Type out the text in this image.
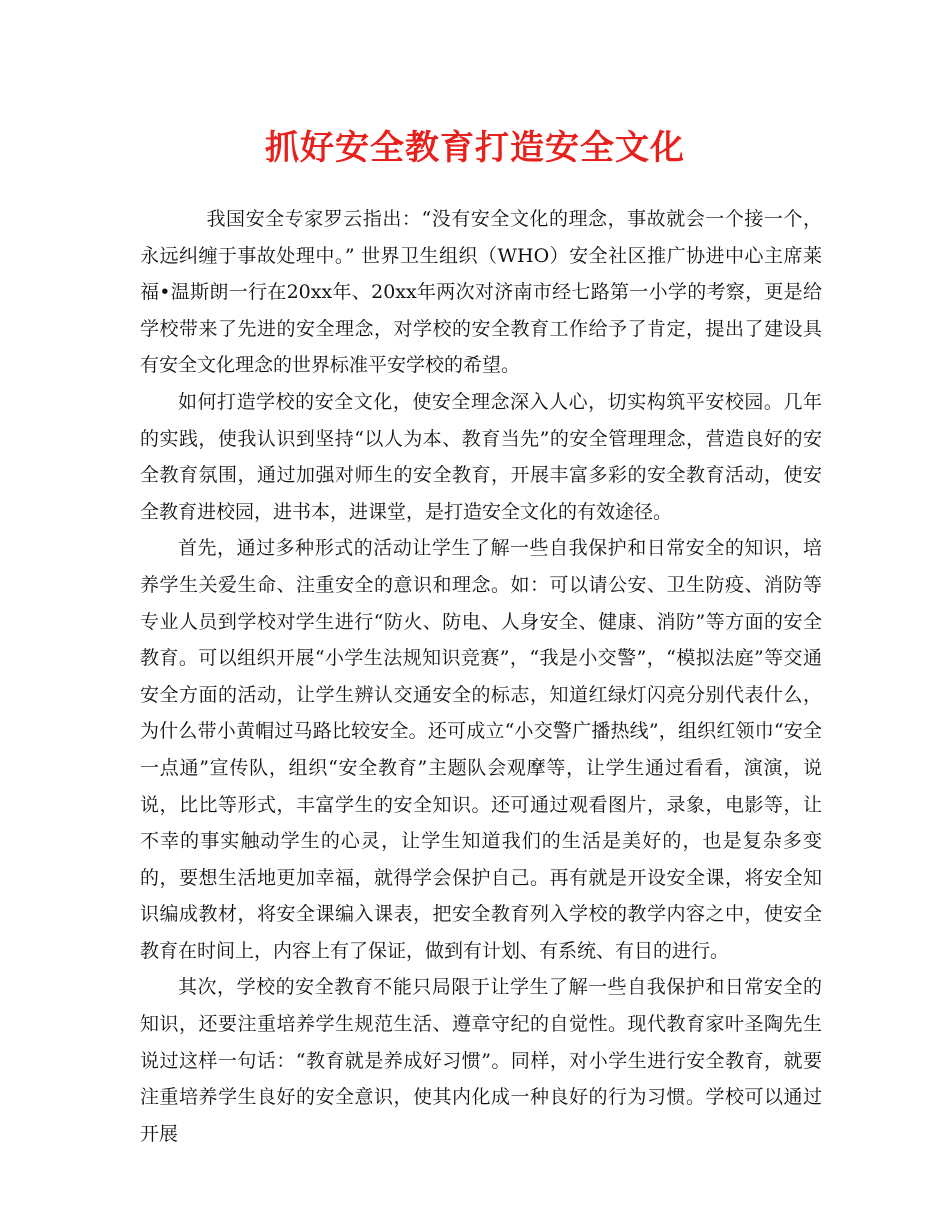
抓好安全教育打造安全文化

我国安全专家罗云指出：“没有安全文化的理念，事故就会一个接一个，永远纠缠于事故处理中。” 世界卫生组织（WHO）安全社区推广协进中心主席莱福•温斯朗一行在20xx年、20xx年两次对济南市经七路第一小学的考察，更是给学校带来了先进的安全理念，对学校的安全教育工作给予了肯定，提出了建设具有安全文化理念的世界标准平安学校的希望。

如何打造学校的安全文化，使安全理念深入人心，切实构筑平安校园。几年的实践，使我认识到坚持“以人为本、教育当先”的安全管理理念，营造良好的安全教育氛围，通过加强对师生的安全教育，开展丰富多彩的安全教育活动，使安全教育进校园，进书本，进课堂，是打造安全文化的有效途径。

首先，通过多种形式的活动让学生了解一些自我保护和日常安全的知识，培养学生关爱生命、注重安全的意识和理念。如：可以请公安、卫生防疫、消防等专业人员到学校对学生进行“防火、防电、人身安全、健康、消防”等方面的安全教育。可以组织开展“小学生法规知识竞赛”，“我是小交警”，“模拟法庭”等交通安全方面的活动，让学生辨认交通安全的标志，知道红绿灯闪亮分别代表什么，为什么带小黄帽过马路比较安全。还可成立“小交警广播热线”，组织红领巾“安全一点通”宣传队，组织“安全教育”主题队会观摩等，让学生通过看看，演演，说说，比比等形式，丰富学生的安全知识。还可通过观看图片，录象，电影等，让不幸的事实触动学生的心灵，让学生知道我们的生活是美好的，也是复杂多变的，要想生活地更加幸福，就得学会保护自己。再有就是开设安全课，将安全知识编成教材，将安全课编入课表，把安全教育列入学校的教学内容之中，使安全教育在时间上，内容上有了保证，做到有计划、有系统、有目的进行。

其次，学校的安全教育不能只局限于让学生了解一些自我保护和日常安全的知识，还要注重培养学生规范生活、遵章守纪的自觉性。现代教育家叶圣陶先生说过这样一句话：“教育就是养成好习惯”。同样，对小学生进行安全教育，就要注重培养学生良好的安全意识，使其内化成一种良好的行为习惯。学校可以通过开展
